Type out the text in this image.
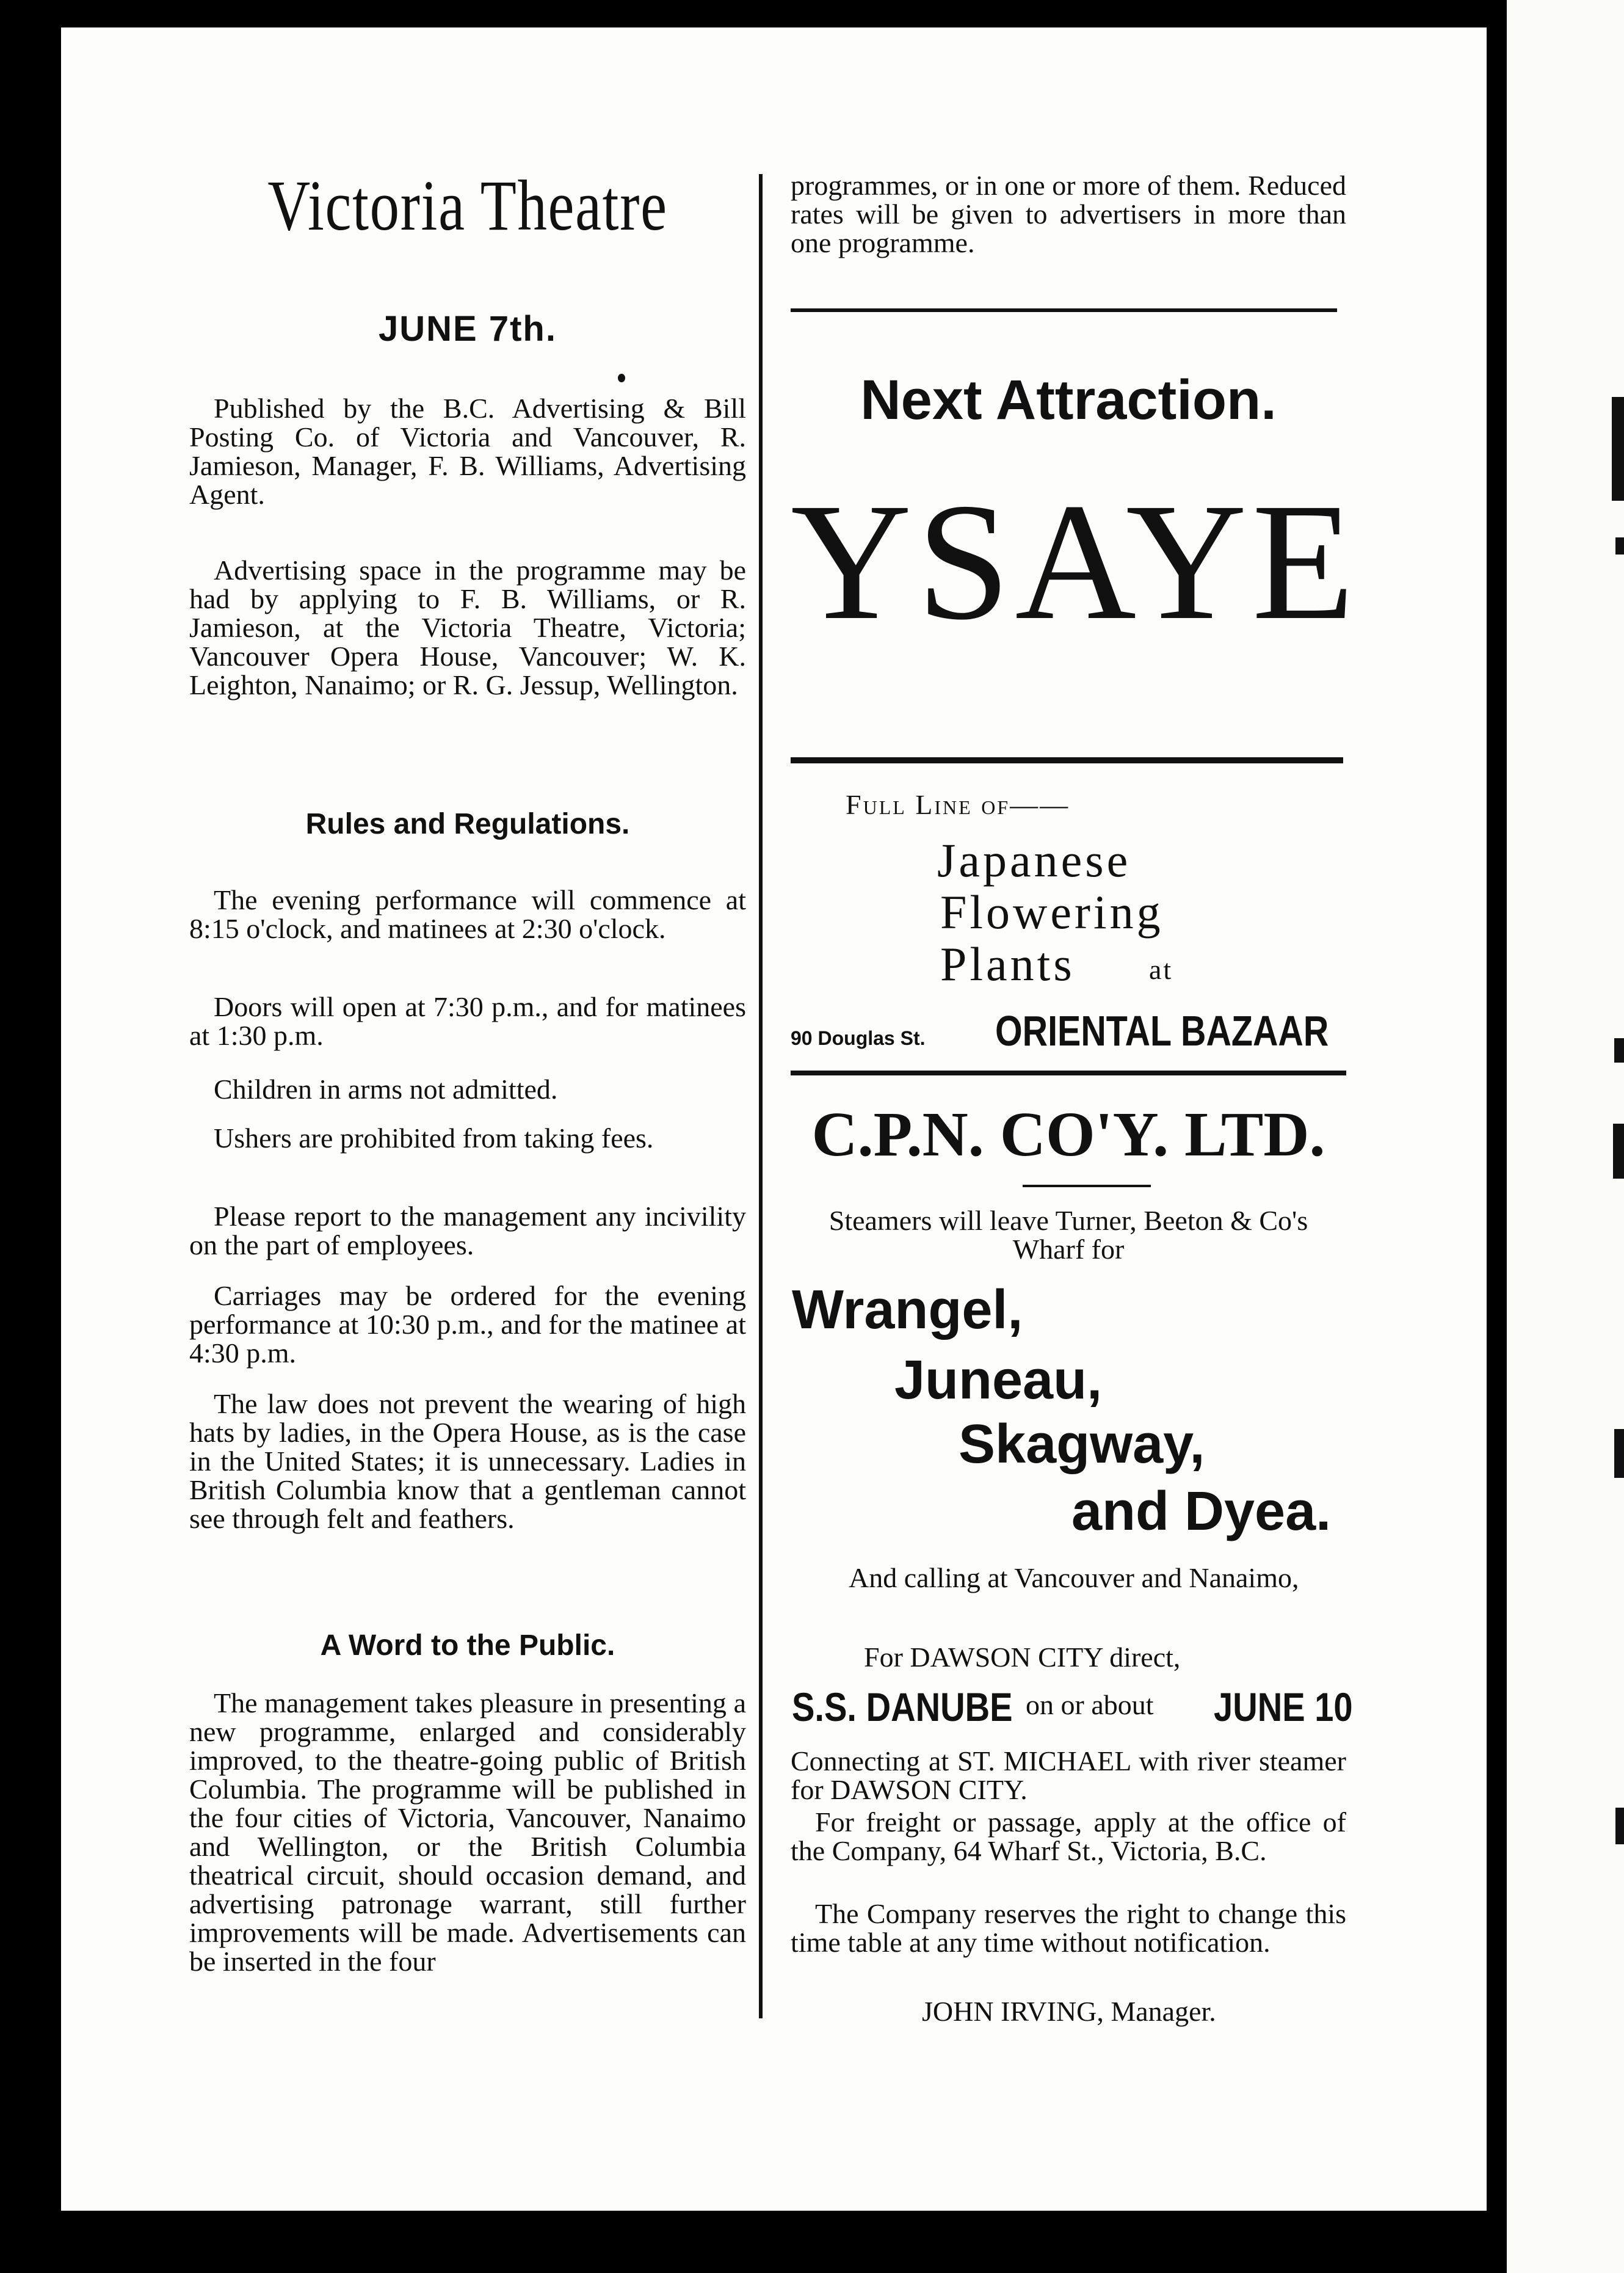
Victoria Theatre
JUNE 7th.

Published by the B.C. Advertising & Bill Posting Co. of Victoria and Vancouver, R. Jamieson, Manager, F. B. Williams, Advertising Agent.

Advertising space in the programme may be had by applying to F. B. Williams, or R. Jamieson, at the Victoria Theatre, Victoria; Vancouver Opera House, Vancouver; W. K. Leighton, Nanaimo; or R. G. Jessup, Wellington.

Rules and Regulations.

The evening performance will commence at 8:15 o'clock, and matinees at 2:30 o'clock.

Doors will open at 7:30 p.m., and for matinees at 1:30 p.m.

Children in arms not admitted.

Ushers are prohibited from taking fees.

Please report to the management any incivility on the part of employees.

Carriages may be ordered for the evening performance at 10:30 p.m., and for the matinee at 4:30 p.m.

The law does not prevent the wearing of high hats by ladies, in the Opera House, as is the case in the United States; it is unnecessary. Ladies in British Columbia know that a gentleman cannot see through felt and feathers.

A Word to the Public.

The management takes pleasure in presenting a new programme, enlarged and considerably improved, to the theatre-going public of British Columbia. The programme will be published in the four cities of Victoria, Vancouver, Nanaimo and Wellington, or the British Columbia theatrical circuit, should occasion demand, and advertising patronage warrant, still further improvements will be made. Advertisements can be inserted in the four

programmes, or in one or more of them. Reduced rates will be given to advertisers in more than one programme.

Next Attraction.
YSAYE
Full Line of——
Japanese
Flowering
Plants	at
90 Douglas St. ORIENTAL BAZAAR
C.P.N. CO'Y. LTD.

Steamers will leave Turner, Beeton & Co's Wharf for

Wrangel,
Juneau,
Skagway,
and Dyea.

And calling at Vancouver and Nanaimo,

For DAWSON CITY direct,
S.S. DANUBE on or about JUNE 10

Connecting at ST. MICHAEL with river steamer for DAWSON CITY.

For freight or passage, apply at the office of the Company, 64 Wharf St., Victoria, B.C.

The Company reserves the right to change this time table at any time without notification.

JOHN IRVING, Manager.
